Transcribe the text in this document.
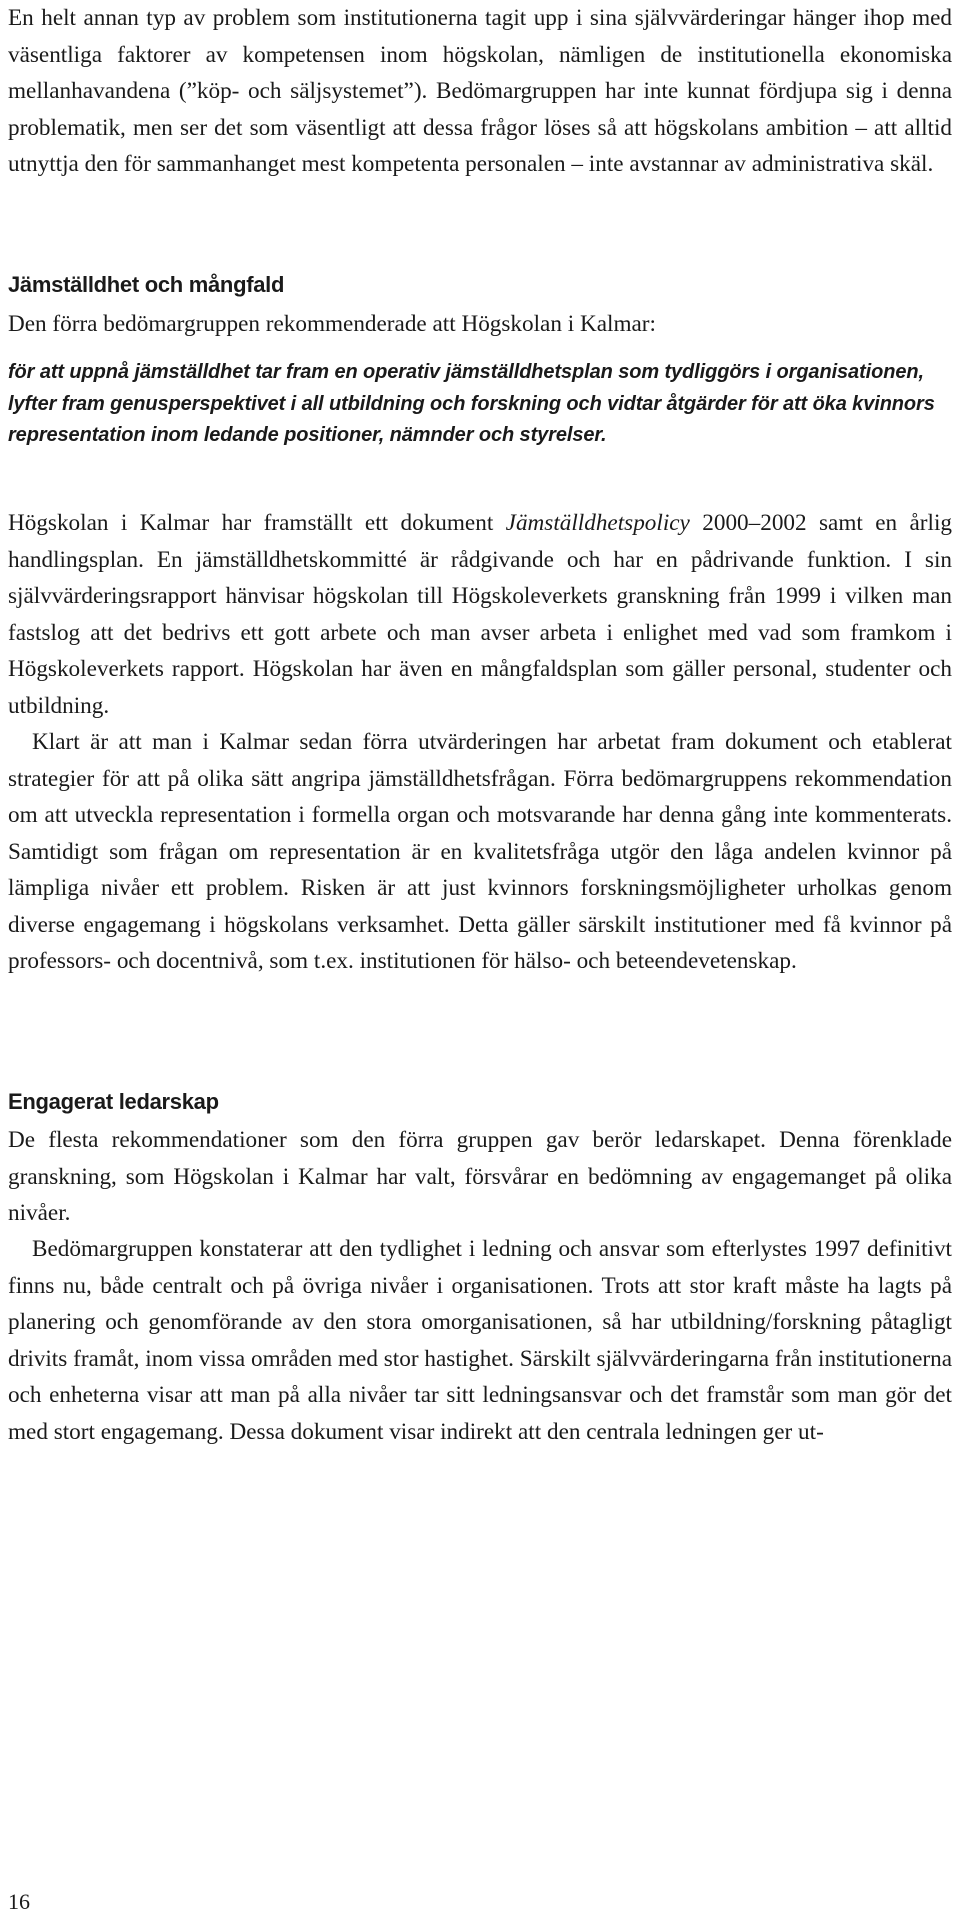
En helt annan typ av problem som institutionerna tagit upp i sina självvärderingar hänger ihop med väsentliga faktorer av kompetensen inom högskolan, nämligen de institutionella ekonomiska mellanhavandena (”köp- och säljsystemet”). Bedömargruppen har inte kunnat fördjupa sig i denna problematik, men ser det som väsentligt att dessa frågor löses så att högskolans ambition – att alltid utnyttja den för sammanhanget mest kompetenta personalen – inte avstannar av administrativa skäl.

Jämställdhet och mångfald

Den förra bedömargruppen rekommenderade att Högskolan i Kalmar:

för att uppnå jämställdhet tar fram en operativ jämställdhetsplan som tydliggörs i organisationen, lyfter fram genusperspektivet i all utbildning och forskning och vidtar åtgärder för att öka kvinnors representation inom ledande positioner, nämnder och styrelser.

Högskolan i Kalmar har framställt ett dokument Jämställdhetspolicy 2000–2002 samt en årlig handlingsplan. En jämställdhetskommitté är rådgivande och har en pådrivande funktion. I sin självvärderingsrapport hänvisar högskolan till Högskoleverkets granskning från 1999 i vilken man fastslog att det bedrivs ett gott arbete och man avser arbeta i enlighet med vad som framkom i Högskoleverkets rapport. Högskolan har även en mångfaldsplan som gäller personal, studenter och utbildning.

Klart är att man i Kalmar sedan förra utvärderingen har arbetat fram dokument och etablerat strategier för att på olika sätt angripa jämställdhetsfrågan. Förra bedömargruppens rekommendation om att utveckla representation i formella organ och motsvarande har denna gång inte kommenterats. Samtidigt som frågan om representation är en kvalitetsfråga utgör den låga andelen kvinnor på lämpliga nivåer ett problem. Risken är att just kvinnors forskningsmöjligheter urholkas genom diverse engagemang i högskolans verksamhet. Detta gäller särskilt institutioner med få kvinnor på professors- och docentnivå, som t.ex. institutionen för hälso- och beteendevetenskap.

Engagerat ledarskap

De flesta rekommendationer som den förra gruppen gav berör ledarskapet. Denna förenklade granskning, som Högskolan i Kalmar har valt, försvårar en bedömning av engagemanget på olika nivåer.

Bedömargruppen konstaterar att den tydlighet i ledning och ansvar som efterlystes 1997 definitivt finns nu, både centralt och på övriga nivåer i organisationen. Trots att stor kraft måste ha lagts på planering och genomförande av den stora omorganisationen, så har utbildning/forskning påtagligt drivits framåt, inom vissa områden med stor hastighet. Särskilt självvärderingarna från institutionerna och enheterna visar att man på alla nivåer tar sitt ledningsansvar och det framstår som man gör det med stort engagemang. Dessa dokument visar indirekt att den centrala ledningen ger ut-

16
